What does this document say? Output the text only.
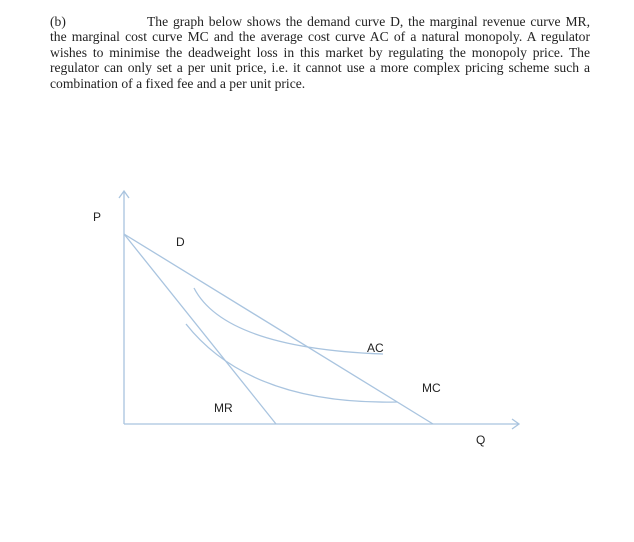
(b)	The graph below shows the demand curve D, the marginal revenue curve MR, the marginal cost curve MC and the average cost curve AC of a natural monopoly. A regulator wishes to minimise the deadweight loss in this market by regulating the monopoly price. The regulator can only set a per unit price, i.e. it cannot use a more complex pricing scheme such a combination of a fixed fee and a per unit price.

P
D
AC
MC
MR
Q
